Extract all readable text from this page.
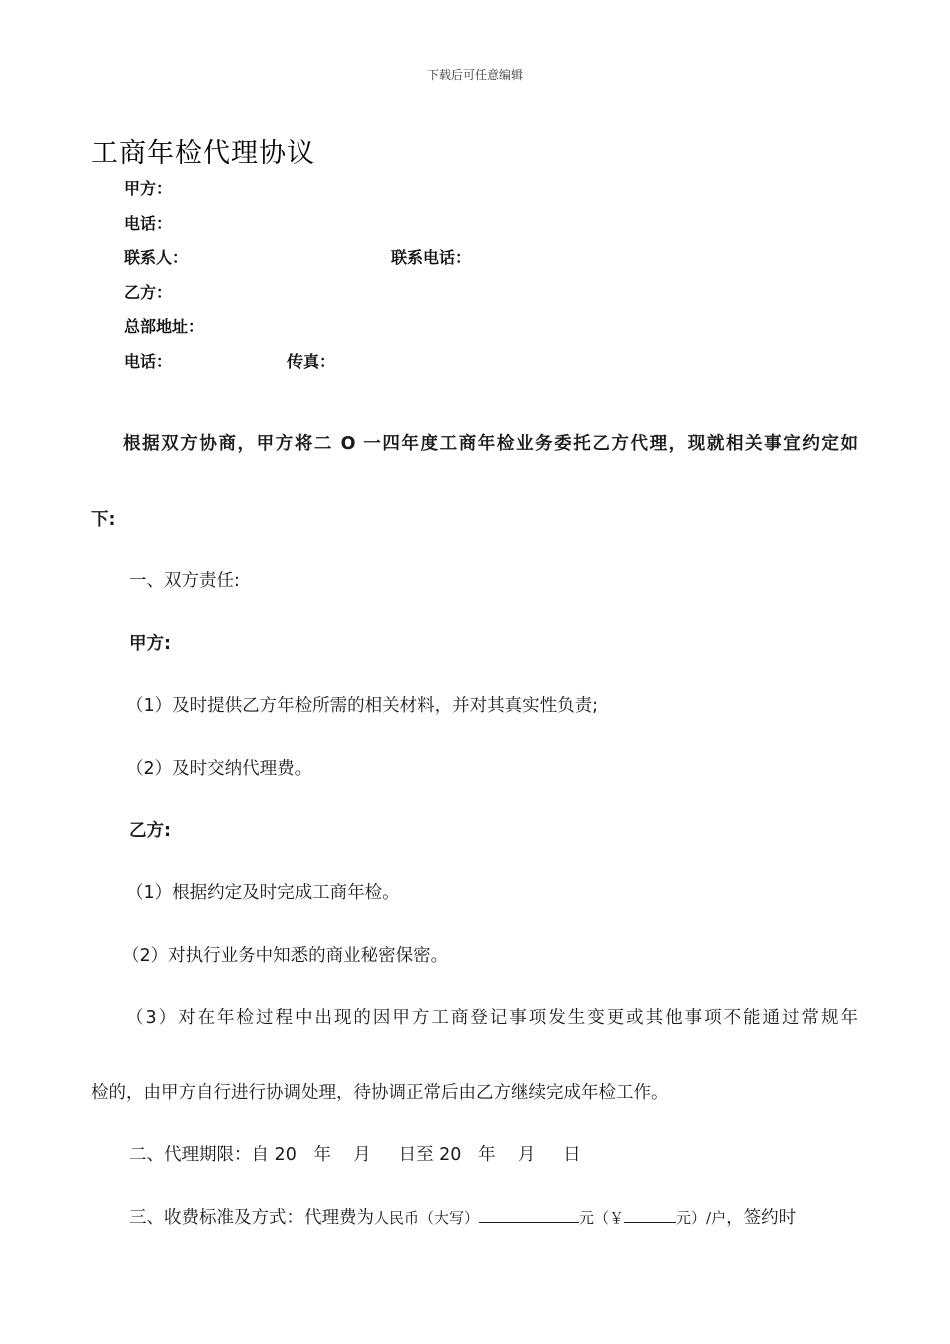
下载后可任意编辑
工商年检代理协议
甲方：
电话：
联系人：	联系电话：
乙方：
总部地址：
电话：	传真：
根据双方协商，甲方将二 O 一四年度工商年检业务委托乙方代理，现就相关事宜约定如
下:
一、双方责任:
甲方:
（1）及时提供乙方年检所需的相关材料，并对其真实性负责;
（2）及时交纳代理费。
乙方:
（1）根据约定及时完成工商年检。
（2）对执行业务中知悉的商业秘密保密。
（3）对在年检过程中出现的因甲方工商登记事项发生变更或其他事项不能通过常规年
检的，由甲方自行进行协调处理，待协调正常后由乙方继续完成年检工作。
二、代理期限：自 20   年    月     日至 20   年    月     日
三、收费标准及方式：代理费为人民币（大写）	元（￥	元）/户，签约时
